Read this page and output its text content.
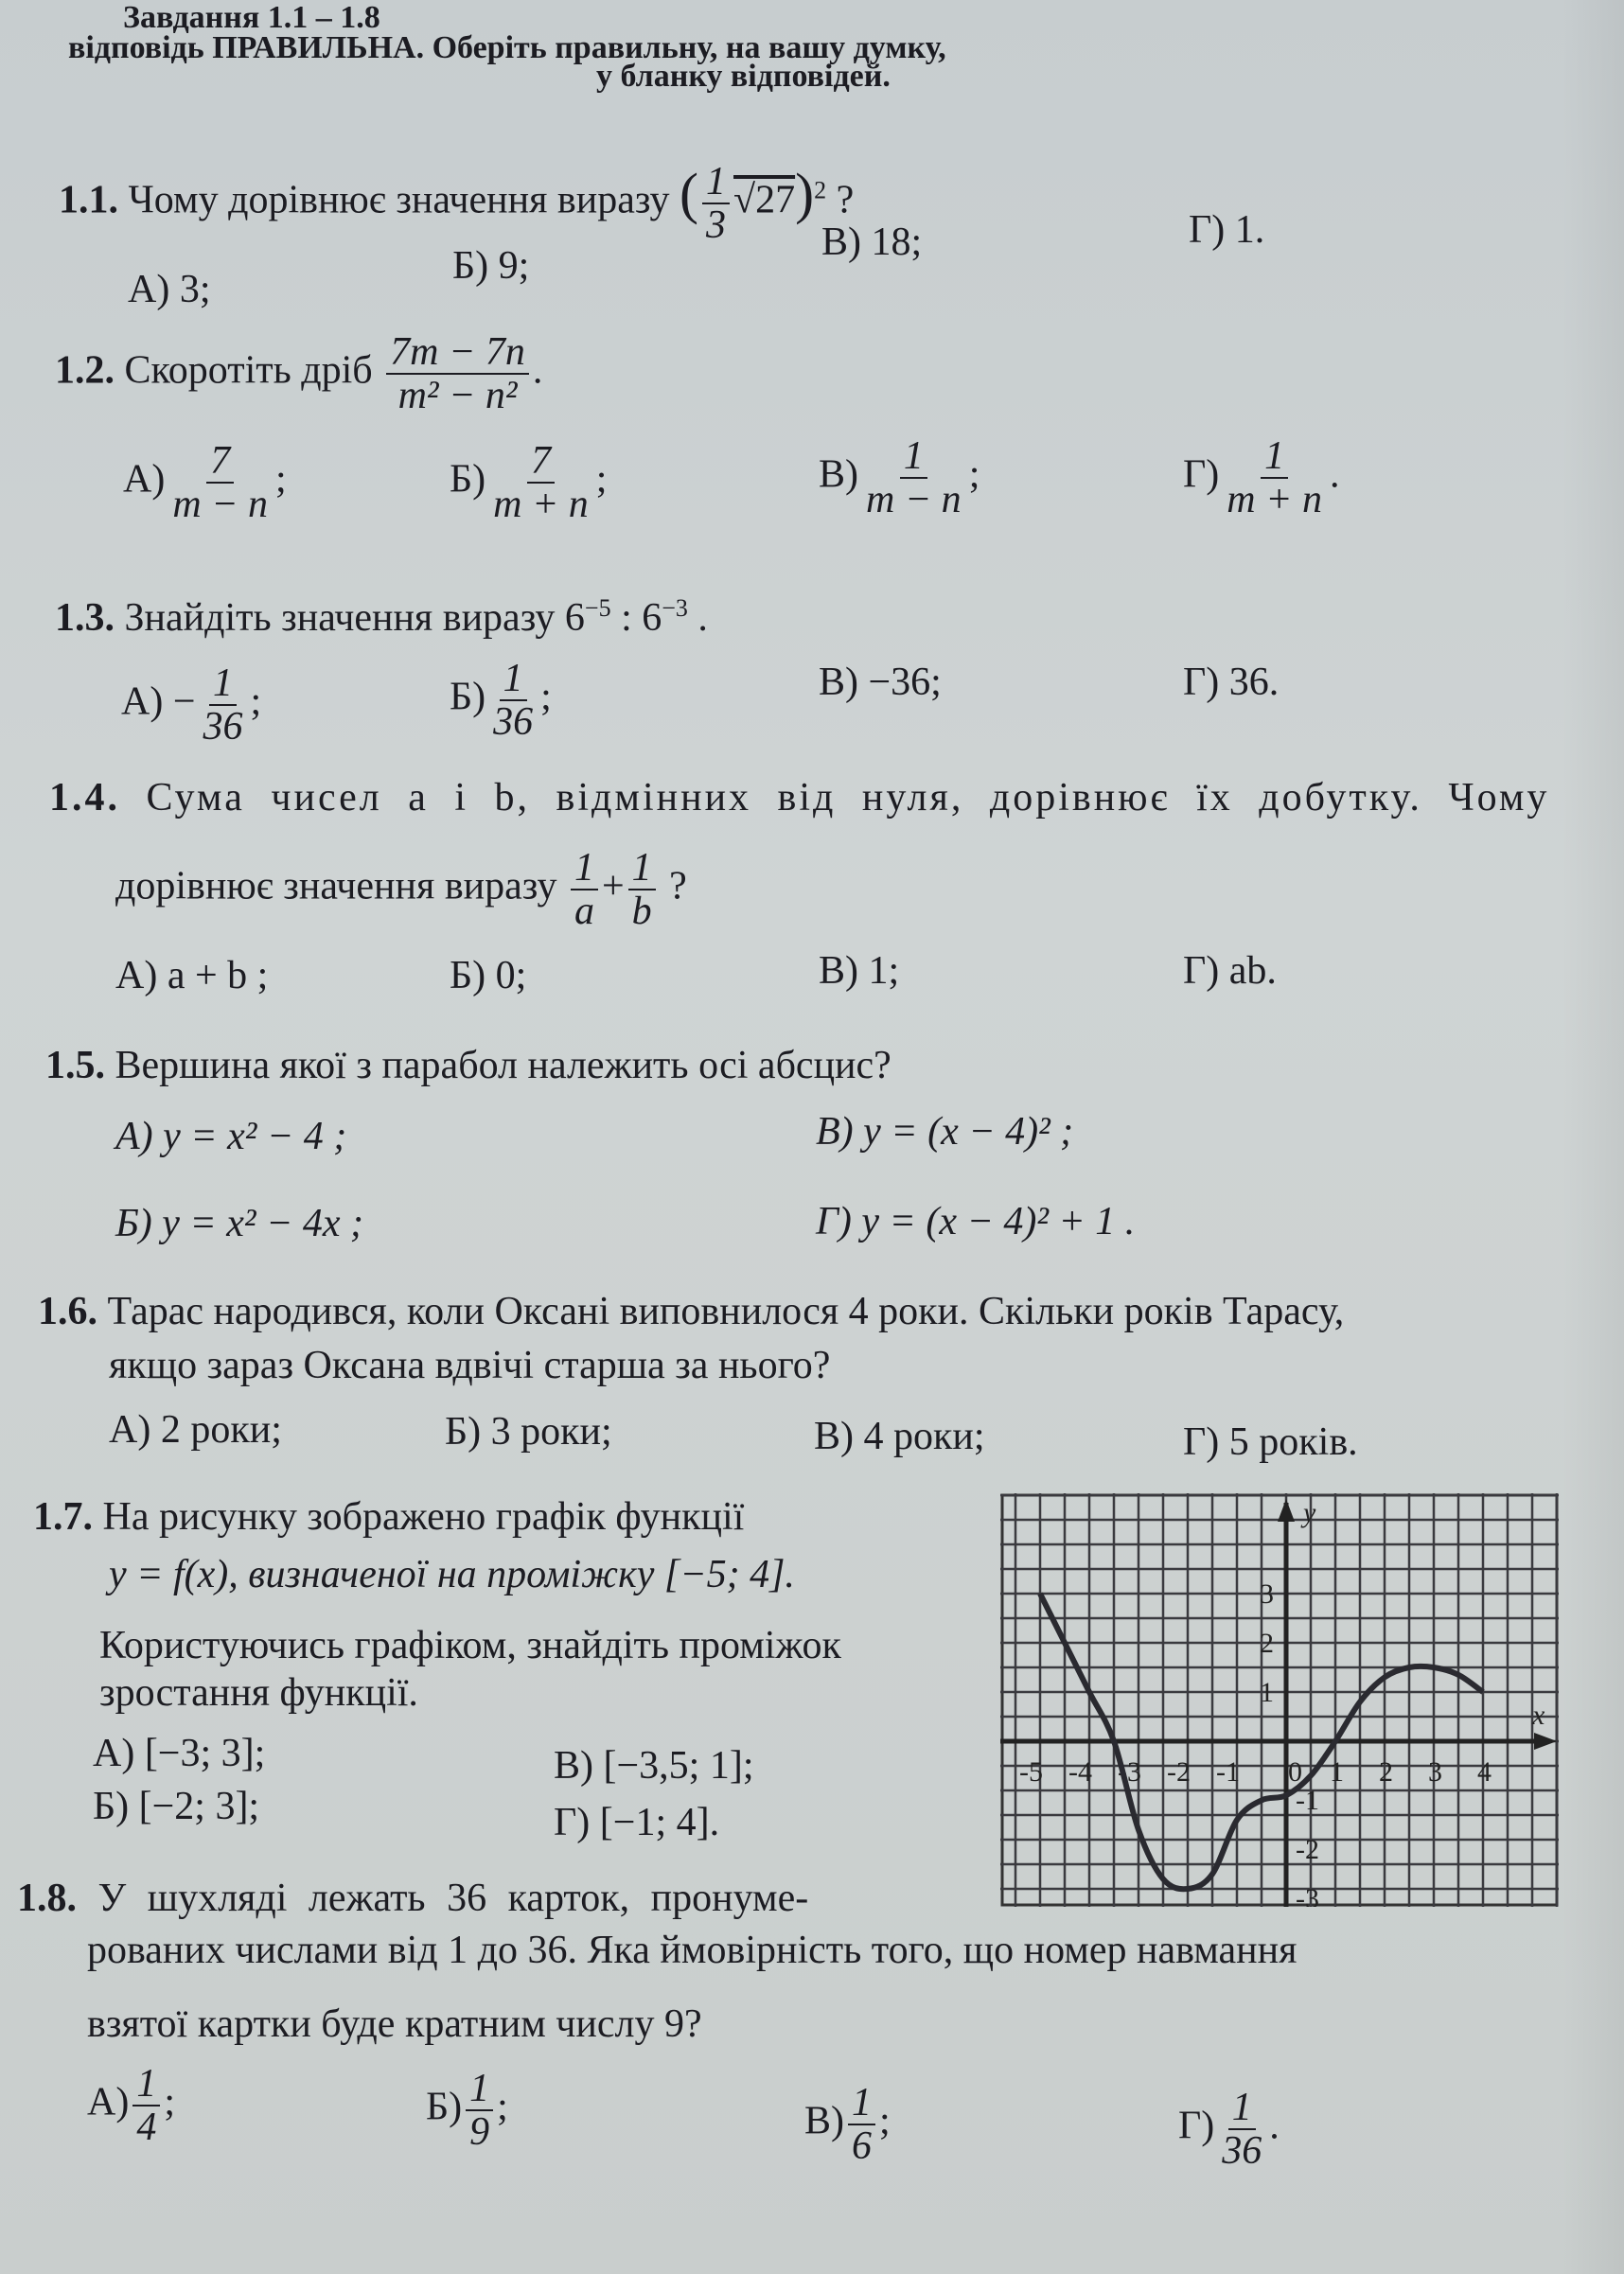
Завдання 1.1 – 1.8
відповідь ПРАВИЛЬНА. Оберіть правильну, на вашу думку,
у бланку відповідей.
1.1. Чому дорівнює значення виразу ( $\frac{1}{3} √27)^2$ ?
А) 3;
Б) 9;
В) 18;	Г) 1.
1.2. Скоротіть дріб $\frac{7m - 7n}{\text{m² − n²}}$ .
$А) \frac{7}{m - n}$ ;	$Б) \frac{7}{m + n}$ ;	$В) \frac{1}{m - n}$ ;	$Г) \frac{1}{m + n}$ .
1.3. Знайдіть значення виразу $6^{-5}$ : $6^{-3}$ .
$А) - \frac{1}{36}$ ;	$Б) \frac{1}{36}$ ;	В) −36;	Г) 36.
1.4. Сума чисел a і b, відмінних від нуля, дорівнює їх добутку. Чому
дорівнює значення виразу $\frac{1}{a} + \frac{1}{b}$ ?
А) a + b ;	Б) 0;	В) 1;	Г) ab.
1.5. Вершина якої з парабол належить осі абсцис?
А) y = x² − 4 ;	В) y = (x − 4)² ;
Б) y = x² − 4x ;	Г) y = (x − 4)² + 1 .
1.6. Тарас народився, коли Оксані виповнилося 4 роки. Скільки років Тарасу,
якщо зараз Оксана вдвічі старша за нього?
А) 2 роки;	Б) 3 роки;	В) 4 роки;	Г) 5 років.
1.7. На рисунку зображено графік функції
y = f(x), визначеної на проміжку [−5; 4].
Користуючись графіком, знайдіть проміжок
зростання функції.
А) [−3; 3];	В) [−3,5; 1];
Б) [−2; 3];	Г) [−1; 4].
x
y
-5 -4 -3 -2 -1 0 1 2 3 4
3
2
1
-1
-2
-3
1.8. У шухляді лежать 36 карток, пронуме-
рованих числами від 1 до 36. Яка ймовірність того, що номер навмання
взятої картки буде кратним числу 9?
$А) \frac{1}{4}$ ;	$Б) \frac{1}{9}$ ;	$В) \frac{1}{6}$ ;	$Г) \frac{1}{36}$ .
